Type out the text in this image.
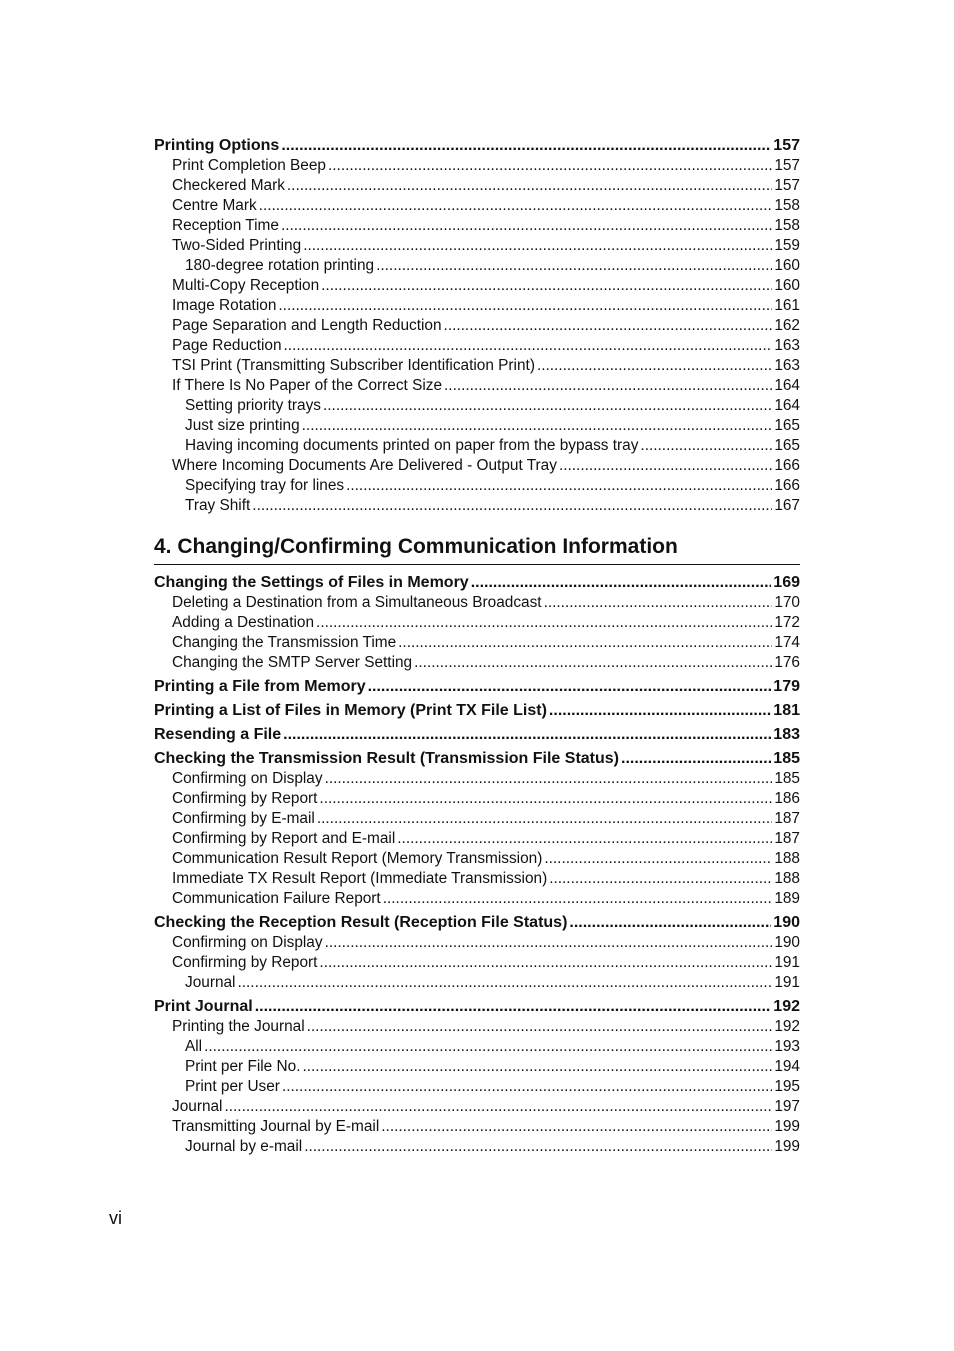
Printing Options .....	157
Print Completion Beep .....	157
Checkered Mark .....	157
Centre Mark .....	158
Reception Time .....	158
Two-Sided Printing .....	159
180-degree rotation printing .....	160
Multi-Copy Reception .....	160
Image Rotation .....	161
Page Separation and Length Reduction .....	162
Page Reduction .....	163
TSI Print (Transmitting Subscriber Identification Print) .....	163
If There Is No Paper of the Correct Size .....	164
Setting priority trays .....	164
Just size printing .....	165
Having incoming documents printed on paper from the bypass tray .....	165
Where Incoming Documents Are Delivered - Output Tray .....	166
Specifying tray for lines .....	166
Tray Shift .....	167
4. Changing/Confirming Communication Information
Changing the Settings of Files in Memory .....	169
Deleting a Destination from a Simultaneous Broadcast .....	170
Adding a Destination .....	172
Changing the Transmission Time .....	174
Changing the SMTP Server Setting .....	176
Printing a File from Memory .....	179
Printing a List of Files in Memory (Print TX File List) .....	181
Resending a File .....	183
Checking the Transmission Result (Transmission File Status) .....	185
Confirming on Display .....	185
Confirming by Report .....	186
Confirming by E-mail .....	187
Confirming by Report and E-mail .....	187
Communication Result Report (Memory Transmission) .....	188
Immediate TX Result Report (Immediate Transmission) .....	188
Communication Failure Report .....	189
Checking the Reception Result (Reception File Status) .....	190
Confirming on Display .....	190
Confirming by Report .....	191
Journal .....	191
Print Journal .....	192
Printing the Journal .....	192
All .....	193
Print per File No. .....	194
Print per User .....	195
Journal .....	197
Transmitting Journal by E-mail .....	199
Journal by e-mail .....	199
vi
